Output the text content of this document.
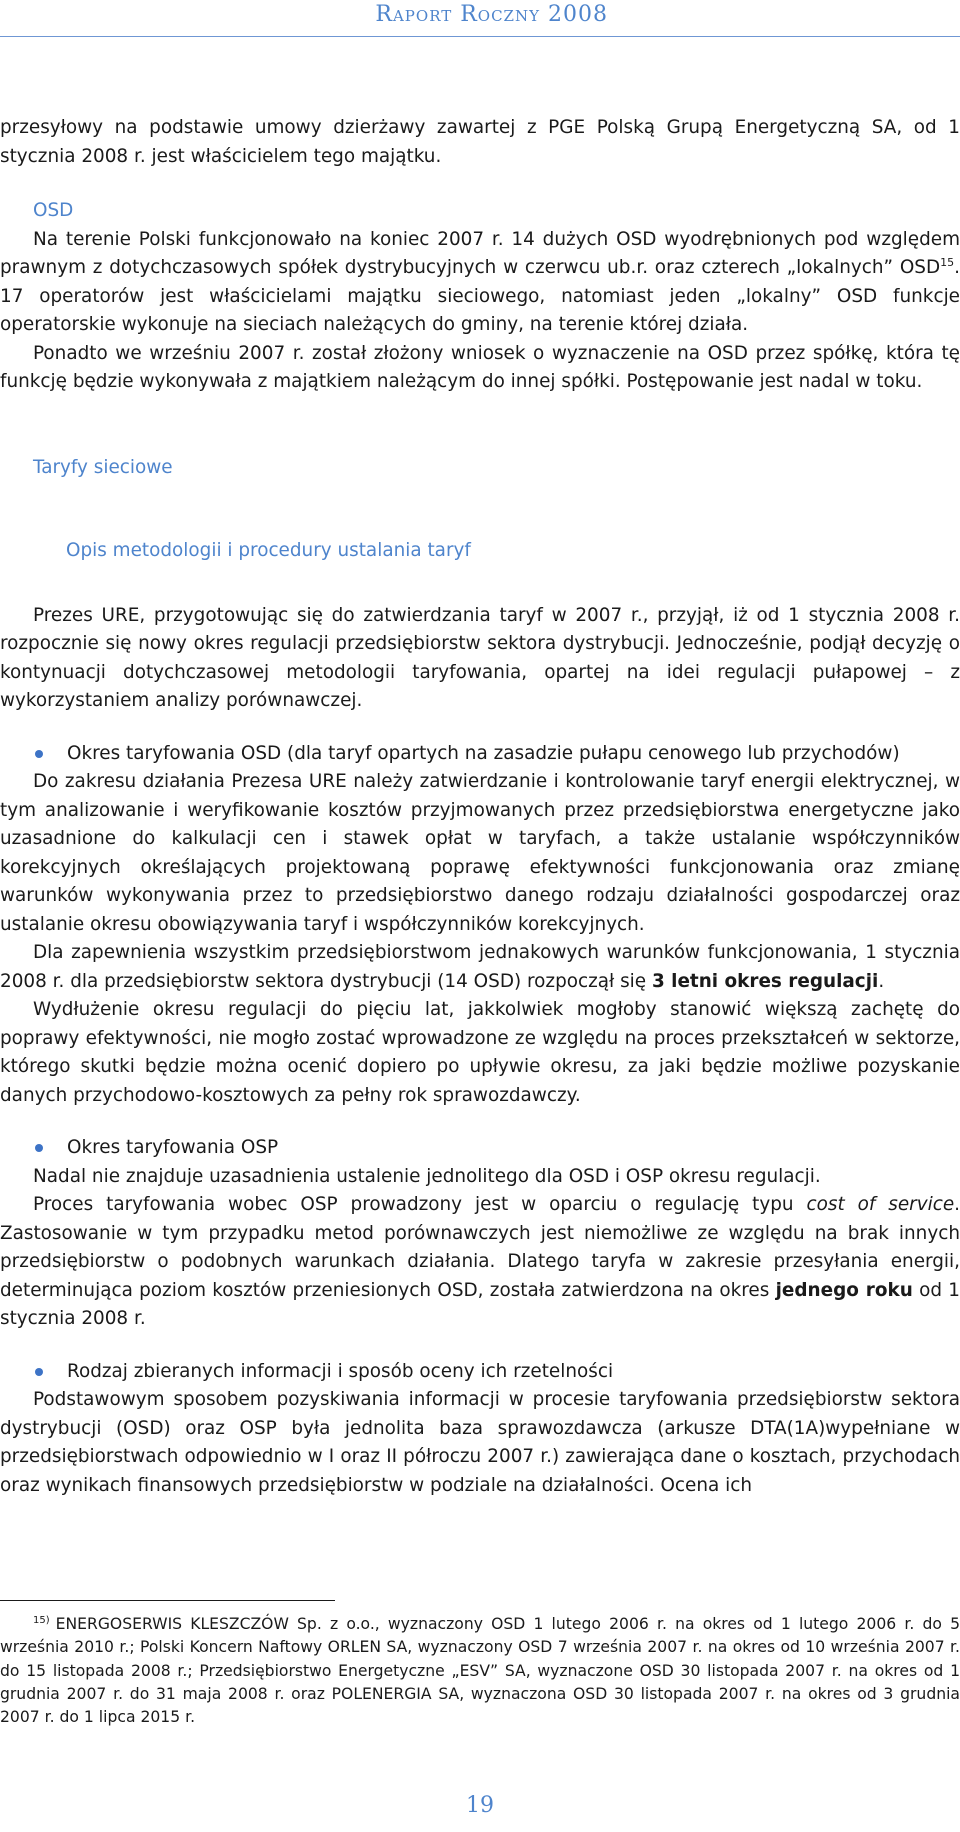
Raport Roczny 2008

przesyłowy na podstawie umowy dzierżawy zawartej z PGE Polską Grupą Energetyczną SA, od 1 stycznia 2008 r. jest właścicielem tego majątku.

OSD

Na terenie Polski funkcjonowało na koniec 2007 r. 14 dużych OSD wyodrębnionych pod względem prawnym z dotychczasowych spółek dystrybucyjnych w czerwcu ub.r. oraz czterech „lokalnych” OSD$^{15}$. 17 operatorów jest właścicielami majątku sieciowego, natomiast jeden „lokalny” OSD funkcje operatorskie wykonuje na sieciach należących do gminy, na terenie której działa.

Ponadto we wrześniu 2007 r. został złożony wniosek o wyznaczenie na OSD przez spółkę, która tę funkcję będzie wykonywała z majątkiem należącym do innej spółki. Postępowanie jest nadal w toku.

Taryfy sieciowe
Opis metodologii i procedury ustalania taryf

Prezes URE, przygotowując się do zatwierdzania taryf w 2007 r., przyjął, iż od 1 stycznia 2008 r. rozpocznie się nowy okres regulacji przedsiębiorstw sektora dystrybucji. Jednocześnie, podjął decyzję o kontynuacji dotychczasowej metodologii taryfowania, opartej na idei regulacji pułapowej – z wykorzystaniem analizy porównawczej.

Okres taryfowania OSD (dla taryf opartych na zasadzie pułapu cenowego lub przychodów)

Do zakresu działania Prezesa URE należy zatwierdzanie i kontrolowanie taryf energii elektrycznej, w tym analizowanie i weryfikowanie kosztów przyjmowanych przez przedsiębiorstwa energetyczne jako uzasadnione do kalkulacji cen i stawek opłat w taryfach, a także ustalanie współczynników korekcyjnych określających projektowaną poprawę efektywności funkcjonowania oraz zmianę warunków wykonywania przez to przedsiębiorstwo danego rodzaju działalności gospodarczej oraz ustalanie okresu obowiązywania taryf i współczynników korekcyjnych.

Dla zapewnienia wszystkim przedsiębiorstwom jednakowych warunków funkcjonowania, 1 stycznia 2008 r. dla przedsiębiorstw sektora dystrybucji (14 OSD) rozpoczął się 3 letni okres regulacji.

Wydłużenie okresu regulacji do pięciu lat, jakkolwiek mogłoby stanowić większą zachętę do poprawy efektywności, nie mogło zostać wprowadzone ze względu na proces przekształceń w sektorze, którego skutki będzie można ocenić dopiero po upływie okresu, za jaki będzie możliwe pozyskanie danych przychodowo-kosztowych za pełny rok sprawozdawczy.

Okres taryfowania OSP

Nadal nie znajduje uzasadnienia ustalenie jednolitego dla OSD i OSP okresu regulacji.

Proces taryfowania wobec OSP prowadzony jest w oparciu o regulację typu cost of service. Zastosowanie w tym przypadku metod porównawczych jest niemożliwe ze względu na brak innych przedsiębiorstw o podobnych warunkach działania. Dlatego taryfa w zakresie przesyłania energii, determinująca poziom kosztów przeniesionych OSD, została zatwierdzona na okres jednego roku od 1 stycznia 2008 r.

Rodzaj zbieranych informacji i sposób oceny ich rzetelności

Podstawowym sposobem pozyskiwania informacji w procesie taryfowania przedsiębiorstw sektora dystrybucji (OSD) oraz OSP była jednolita baza sprawozdawcza (arkusze DTA(1A)wypełniane w przedsiębiorstwach odpowiednio w I oraz II półroczu 2007 r.) zawierająca dane o kosztach, przychodach oraz wynikach finansowych przedsiębiorstw w podziale na działalności. Ocena ich

$^{15)}$ ENERGOSERWIS KLESZCZÓW Sp. z o.o., wyznaczony OSD 1 lutego 2006 r. na okres od 1 lutego 2006 r. do 5 września 2010 r.; Polski Koncern Naftowy ORLEN SA, wyznaczony OSD 7 września 2007 r. na okres od 10 września 2007 r. do 15 listopada 2008 r.; Przedsiębiorstwo Energetyczne „ESV” SA, wyznaczone OSD 30 listopada 2007 r. na okres od 1 grudnia 2007 r. do 31 maja 2008 r. oraz POLENERGIA SA, wyznaczona OSD 30 listopada 2007 r. na okres od 3 grudnia 2007 r. do 1 lipca 2015 r.

19
